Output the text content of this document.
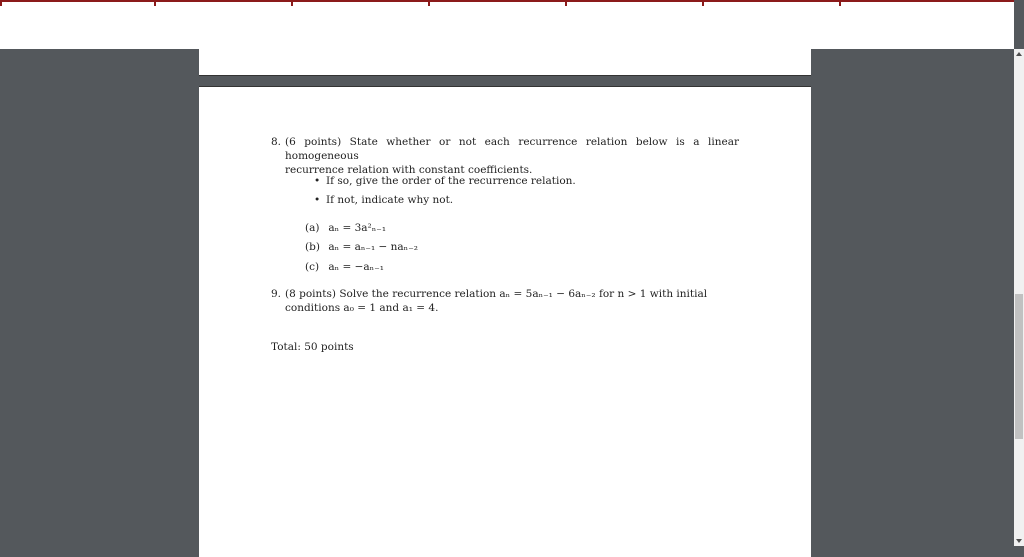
8. (6 points) State whether or not each recurrence relation below is a linear homogeneous
recurrence relation with constant coefficients.
• If so, give the order of the recurrence relation.
• If not, indicate why not.
(a) aₙ = 3a²ₙ₋₁
(b) aₙ = aₙ₋₁ − naₙ₋₂
(c) aₙ = −aₙ₋₁
9. (8 points) Solve the recurrence relation aₙ = 5aₙ₋₁ − 6aₙ₋₂ for n > 1 with initial
conditions a₀ = 1 and a₁ = 4.
Total: 50 points
